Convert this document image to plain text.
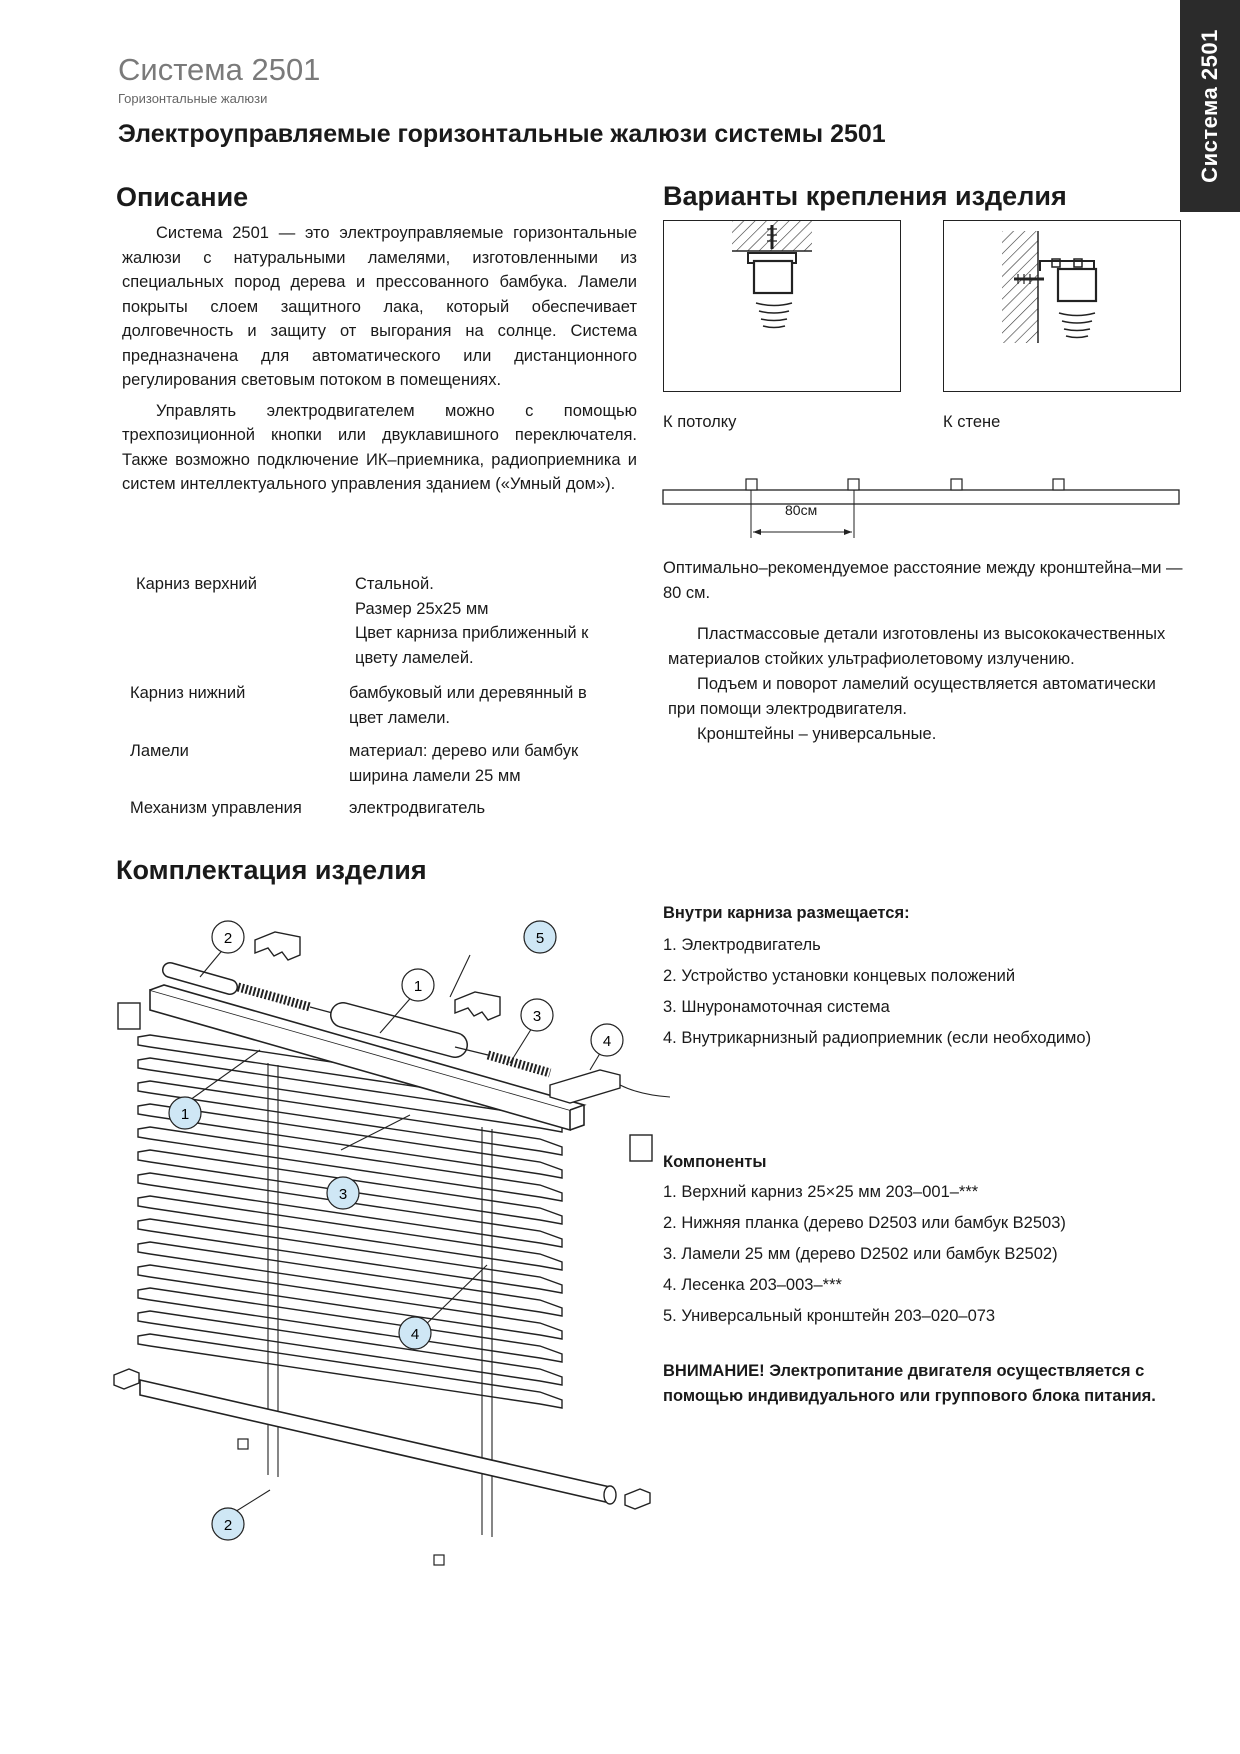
Система 2501
Система 2501
Горизонтальные жалюзи
Электроуправляемые горизонтальные жалюзи системы 2501
Описание

Система 2501 — это электроуправляемые горизонтальные жалюзи с натуральными ламелями, изготовленными из специальных пород дерева и прессованного бамбука. Ламели покрыты слоем защитного лака, который обеспечивает долговечность и защиту от выгорания на солнце. Система предназначена для автоматического или дистанционного регулирования световым потоком в помещениях.

Управлять электродвигателем можно с помощью трехпозиционной кнопки или двуклавишного переключателя. Также возможно подключение ИК–приемника, радиоприемника и систем интеллектуального управления зданием («Умный дом»).

Карниз верхний	Стальной.
Размер 25х25 мм
Цвет карниза приближенный к цвету ламелей.
Карниз нижний	бамбуковый или деревянный в цвет ламели.
Ламели	материал: дерево или бамбук
ширина ламели 25 мм
Механизм управления	электродвигатель
Варианты крепления изделия
К потолку	К стене
80см
Оптимально–рекомендуемое расстояние между кронштейна–ми — 80 см.
Пластмассовые детали изготовлены из высококачественных материалов стойких ультрафиолетовому излучению.
Подъем и поворот ламелий осуществляется автоматически при помощи электродвигателя.
Кронштейны – универсальные.
Комплектация изделия
2
1
3
4
5
1
3
4
2
Внутри карниза размещается:
1. Электродвигатель
2. Устройство установки концевых положений
3. Шнуронамоточная система
4. Внутрикарнизный радиоприемник (если необходимо)
Компоненты
1. Верхний карниз 25×25 мм 203–001–***
2. Нижняя планка (дерево D2503 или бамбук B2503)
3. Ламели 25 мм (дерево D2502 или бамбук B2502)
4. Лесенка 203–003–***
5. Универсальный кронштейн 203–020–073
ВНИМАНИЕ! Электропитание двигателя осуществляется с помощью индивидуального или группового блока питания.
